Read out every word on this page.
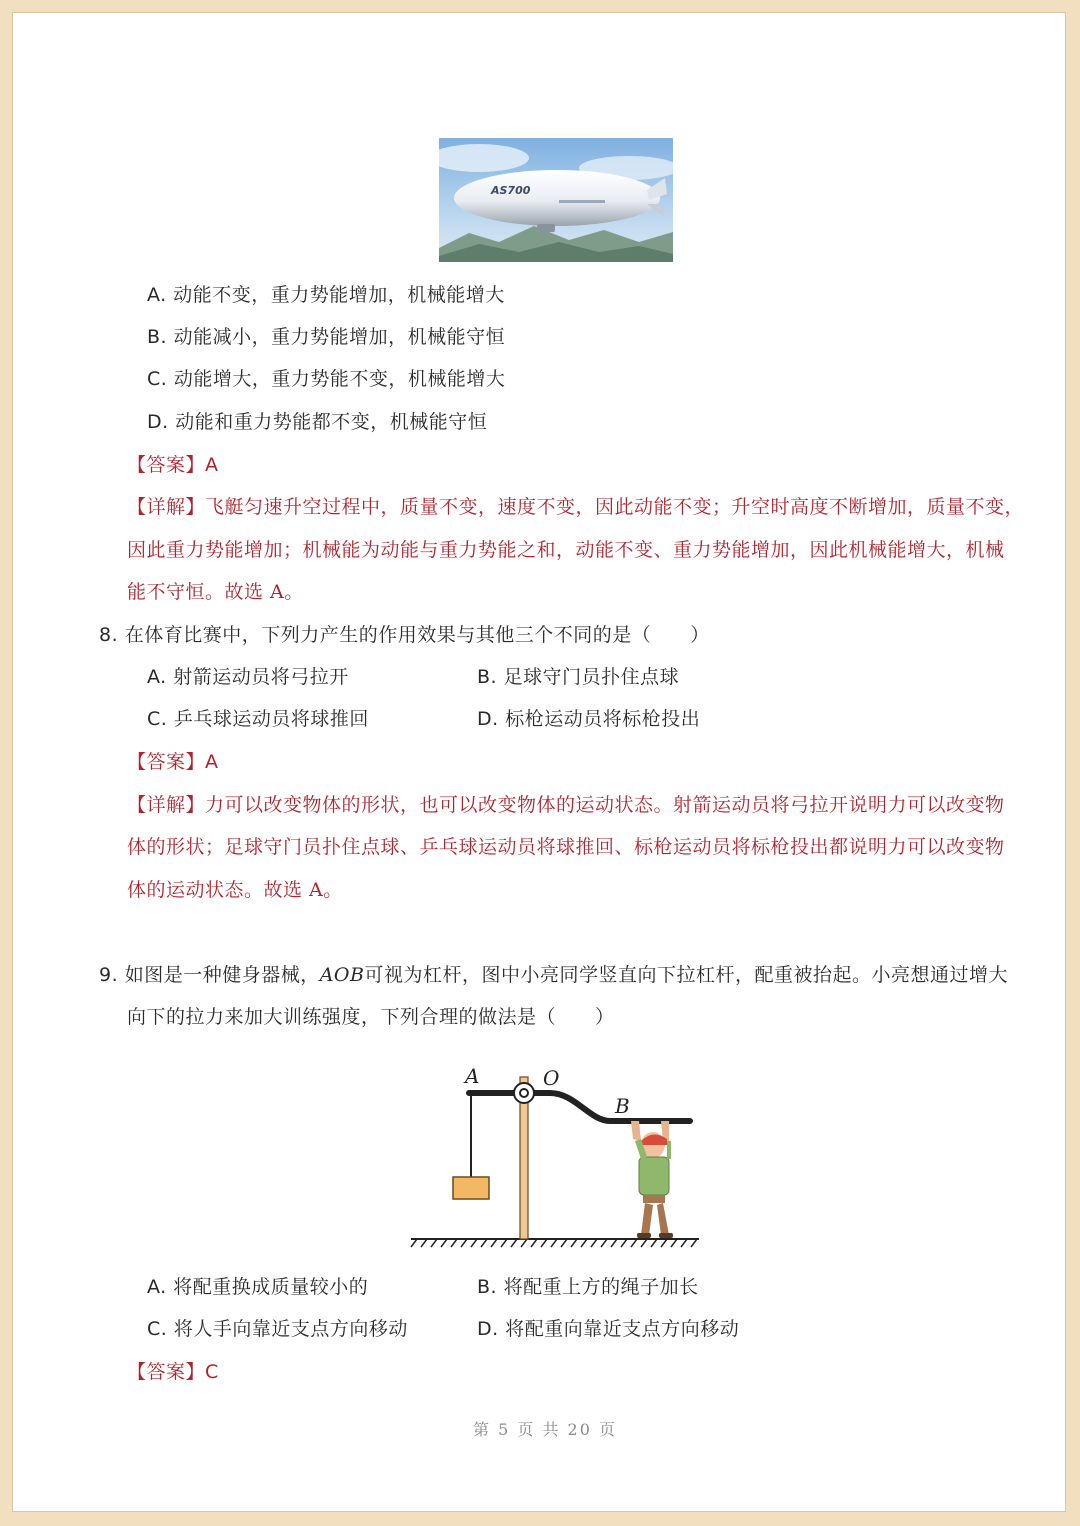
AS700
A. 动能不变，重力势能增加，机械能增大
B. 动能减小，重力势能增加，机械能守恒
C. 动能增大，重力势能不变，机械能增大
D. 动能和重力势能都不变，机械能守恒
【答案】A
【详解】飞艇匀速升空过程中，质量不变，速度不变，因此动能不变；升空时高度不断增加，质量不变，
因此重力势能增加；机械能为动能与重力势能之和，动能不变、重力势能增加，因此机械能增大，机械
能不守恒。故选 A。
8. 在体育比赛中，下列力产生的作用效果与其他三个不同的是（　　）
A. 射箭运动员将弓拉开	B. 足球守门员扑住点球
C. 乒乓球运动员将球推回	D. 标枪运动员将标枪投出
【答案】A
【详解】力可以改变物体的形状，也可以改变物体的运动状态。射箭运动员将弓拉开说明力可以改变物
体的形状；足球守门员扑住点球、乒乓球运动员将球推回、标枪运动员将标枪投出都说明力可以改变物
体的运动状态。故选 A。
9. 如图是一种健身器械，AOB可视为杠杆，图中小亮同学竖直向下拉杠杆，配重被抬起。小亮想通过增大
向下的拉力来加大训练强度，下列合理的做法是（　　）
A	O
B
A. 将配重换成质量较小的	B. 将配重上方的绳子加长
C. 将人手向靠近支点方向移动	D. 将配重向靠近支点方向移动
【答案】C
第 5 页 共 20 页
